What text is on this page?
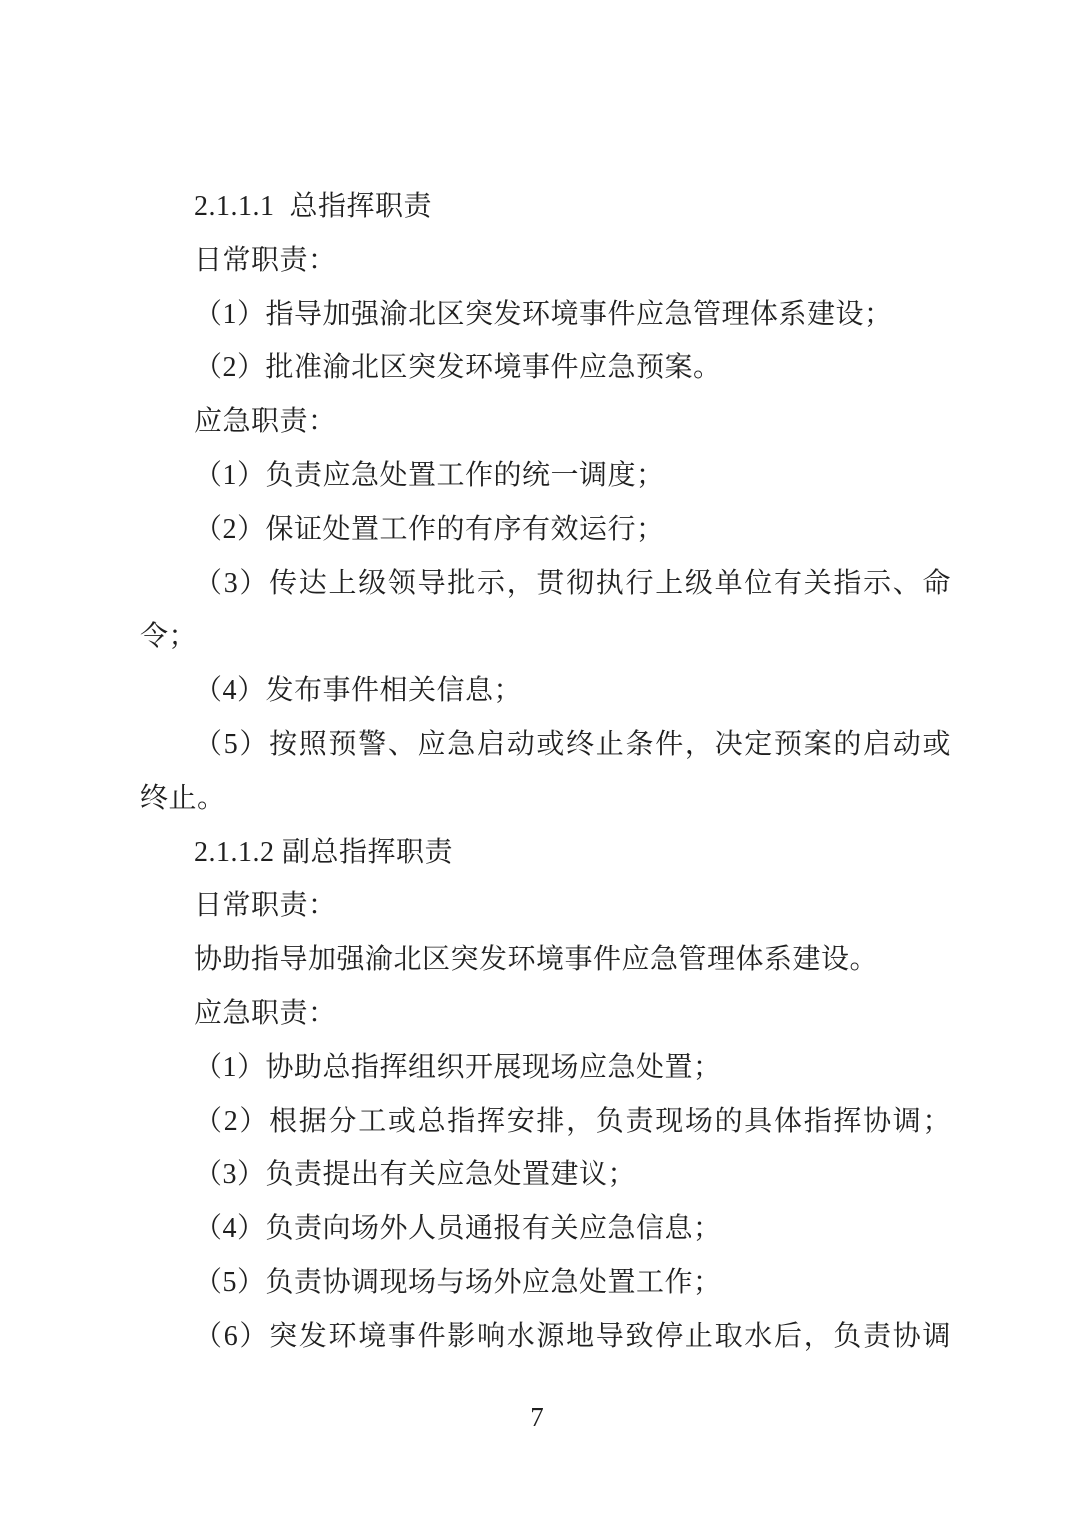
2.1.1.1  总指挥职责
日常职责：
（1）指导加强渝北区突发环境事件应急管理体系建设；
（2）批准渝北区突发环境事件应急预案。
应急职责：
（1）负责应急处置工作的统一调度；
（2）保证处置工作的有序有效运行；
（3）传达上级领导批示，贯彻执行上级单位有关指示、命
令；
（4）发布事件相关信息；
（5）按照预警、应急启动或终止条件，决定预案的启动或
终止。
2.1.1.2 副总指挥职责
日常职责：
协助指导加强渝北区突发环境事件应急管理体系建设。
应急职责：
（1）协助总指挥组织开展现场应急处置；
（2）根据分工或总指挥安排，负责现场的具体指挥协调；
（3）负责提出有关应急处置建议；
（4）负责向场外人员通报有关应急信息；
（5）负责协调现场与场外应急处置工作；
（6）突发环境事件影响水源地导致停止取水后，负责协调
7
